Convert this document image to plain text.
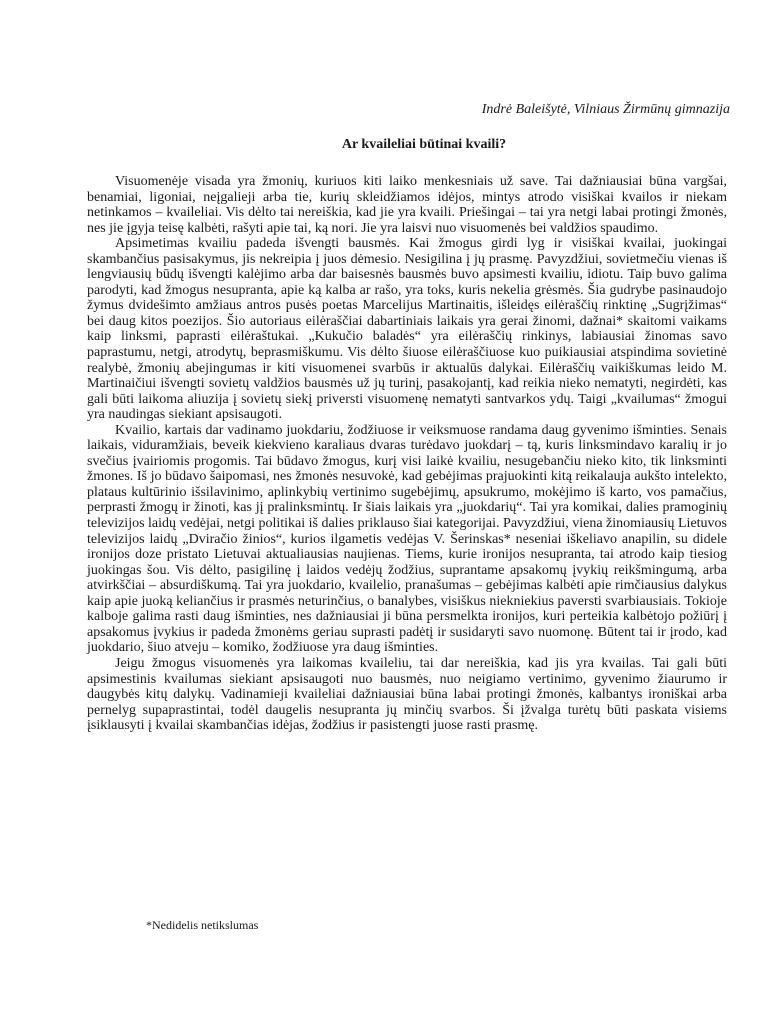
Indrė Baleišytė, Vilniaus Žirmūnų gimnazija
Ar kvaileliai būtinai kvaili?

Visuomenėje visada yra žmonių, kuriuos kiti laiko menkesniais už save. Tai dažniausiai būna vargšai, benamiai, ligoniai, neįgalieji arba tie, kurių skleidžiamos idėjos, mintys atrodo visiškai kvailos ir niekam netinkamos – kvaileliai. Vis dėlto tai nereiškia, kad jie yra kvaili. Priešingai – tai yra netgi labai protingi žmonės, nes jie įgyja teisę kalbėti, rašyti apie tai, ką nori. Jie yra laisvi nuo visuomenės bei valdžios spaudimo.

Apsimetimas kvailiu padeda išvengti bausmės. Kai žmogus girdi lyg ir visiškai kvailai, juokingai skambančius pasisakymus, jis nekreipia į juos dėmesio. Nesigilina į jų prasmę. Pavyzdžiui, sovietmečiu vienas iš lengviausių būdų išvengti kalėjimo arba dar baisesnės bausmės buvo apsimesti kvailiu, idiotu. Taip buvo galima parodyti, kad žmogus nesupranta, apie ką kalba ar rašo, yra toks, kuris nekelia grėsmės. Šia gudrybe pasinaudojo žymus dvidešimto amžiaus antros pusės poetas Marcelijus Martinaitis, išleidęs eilėraščių rinktinę „Sugrįžimas“ bei daug kitos poezijos. Šio autoriaus eilėraščiai dabartiniais laikais yra gerai žinomi, dažnai* skaitomi vaikams kaip linksmi, paprasti eilėraštukai. „Kukučio baladės“ yra eilėraščių rinkinys, labiausiai žinomas savo paprastumu, netgi, atrodytų, beprasmiškumu. Vis dėlto šiuose eilėraščiuose kuo puikiausiai atspindima sovietinė realybė, žmonių abejingumas ir kiti visuomenei svarbūs ir aktualūs dalykai. Eilėraščių vaikiškumas leido M. Martinaičiui išvengti sovietų valdžios bausmės už jų turinį, pasakojantį, kad reikia nieko nematyti, negirdėti, kas gali būti laikoma aliuzija į sovietų siekį priversti visuomenę nematyti santvarkos ydų. Taigi „kvailumas“ žmogui yra naudingas siekiant apsisaugoti.

Kvailio, kartais dar vadinamo juokdariu, žodžiuose ir veiksmuose randama daug gyvenimo išminties. Senais laikais, viduramžiais, beveik kiekvieno karaliaus dvaras turėdavo juokdarį – tą, kuris linksmindavo karalių ir jo svečius įvairiomis progomis. Tai būdavo žmogus, kurį visi laikė kvailiu, nesugebančiu nieko kito, tik linksminti žmones. Iš jo būdavo šaipomasi, nes žmonės nesuvokė, kad gebėjimas prajuokinti kitą reikalauja aukšto intelekto, plataus kultūrinio išsilavinimo, aplinkybių vertinimo sugebėjimų, apsukrumo, mokėjimo iš karto, vos pamačius, perprasti žmogų ir žinoti, kas jį pralinksmintų. Ir šiais laikais yra „juokdarių“. Tai yra komikai, dalies pramoginių televizijos laidų vedėjai, netgi politikai iš dalies priklauso šiai kategorijai. Pavyzdžiui, viena žinomiausių Lietuvos televizijos laidų „Dviračio žinios“, kurios ilgametis vedėjas V. Šerinskas* neseniai iškeliavo anapilin, su didele ironijos doze pristato Lietuvai aktualiausias naujienas. Tiems, kurie ironijos nesupranta, tai atrodo kaip tiesiog juokingas šou. Vis dėlto, pasigilinę į laidos vedėjų žodžius, suprantame apsakomų įvykių reikšmingumą, arba atvirkščiai – absurdiškumą. Tai yra juokdario, kvailelio, pranašumas – gebėjimas kalbėti apie rimčiausius dalykus kaip apie juoką keliančius ir prasmės neturinčius, o banalybes, visiškus niekniekius paversti svarbiausiais. Tokioje kalboje galima rasti daug išminties, nes dažniausiai ji būna persmelkta ironijos, kuri perteikia kalbėtojo požiūrį į apsakomus įvykius ir padeda žmonėms geriau suprasti padėtį ir susidaryti savo nuomonę. Būtent tai ir įrodo, kad juokdario, šiuo atveju – komiko, žodžiuose yra daug išminties.

Jeigu žmogus visuomenės yra laikomas kvaileliu, tai dar nereiškia, kad jis yra kvailas. Tai gali būti apsimestinis kvailumas siekiant apsisaugoti nuo bausmės, nuo neigiamo vertinimo, gyvenimo žiaurumo ir daugybės kitų dalykų. Vadinamieji kvaileliai dažniausiai būna labai protingi žmonės, kalbantys ironiškai arba pernelyg supaprastintai, todėl daugelis nesupranta jų minčių svarbos. Ši įžvalga turėtų būti paskata visiems įsiklausyti į kvailai skambančias idėjas, žodžius ir pasistengti juose rasti prasmę.

*Nedidelis netikslumas
